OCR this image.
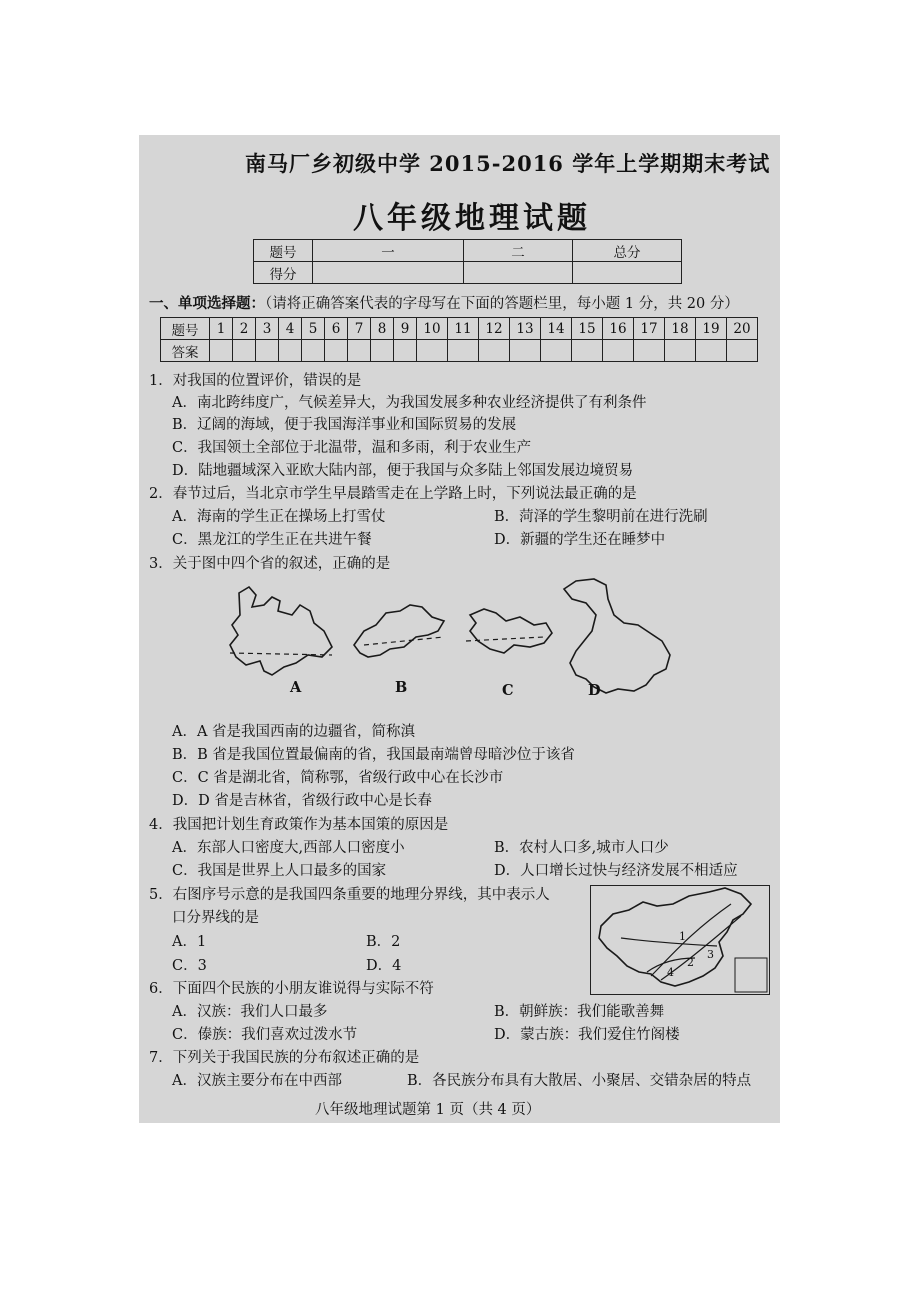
南马厂乡初级中学 2015-2016 学年上学期期末考试
八年级地理试题
题号	一	二	总分
得分			
一、单项选择题：（请将正确答案代表的字母写在下面的答题栏里，每小题 1 分，共 20 分）
题号	1	2	3	4	5	6	7	8	9	10	11	12	13	14	15	16	17	18	19	20
答案																				
1．对我国的位置评价，错误的是
A．南北跨纬度广，气候差异大，为我国发展多种农业经济提供了有利条件
B．辽阔的海域，便于我国海洋事业和国际贸易的发展
C．我国领土全部位于北温带，温和多雨，利于农业生产
D．陆地疆域深入亚欧大陆内部，便于我国与众多陆上邻国发展边境贸易
2．春节过后，当北京市学生早晨踏雪走在上学路上时，下列说法最正确的是
A．海南的学生正在操场上打雪仗	B．菏泽的学生黎明前在进行洗刷
C．黑龙江的学生正在共进午餐	D．新疆的学生还在睡梦中
3．关于图中四个省的叙述，正确的是
A	B	C	D
A．A 省是我国西南的边疆省，简称滇
B．B 省是我国位置最偏南的省，我国最南端曾母暗沙位于该省
C．C 省是湖北省，简称鄂，省级行政中心在长沙市
D．D 省是吉林省，省级行政中心是长春
4．我国把计划生育政策作为基本国策的原因是
A．东部人口密度大,西部人口密度小	B．农村人口多,城市人口少
C．我国是世界上人口最多的国家	D．人口增长过快与经济发展不相适应
5．右图序号示意的是我国四条重要的地理分界线，其中表示人
口分界线的是
A．1	B．2
C．3	D．4
1
2
3
4
6．下面四个民族的小朋友谁说得与实际不符
A．汉族：我们人口最多	B．朝鲜族：我们能歌善舞
C．傣族：我们喜欢过泼水节	D．蒙古族：我们爱住竹阁楼
7．下列关于我国民族的分布叙述正确的是
A．汉族主要分布在中西部	B．各民族分布具有大散居、小聚居、交错杂居的特点
八年级地理试题第 1 页（共 4 页）
